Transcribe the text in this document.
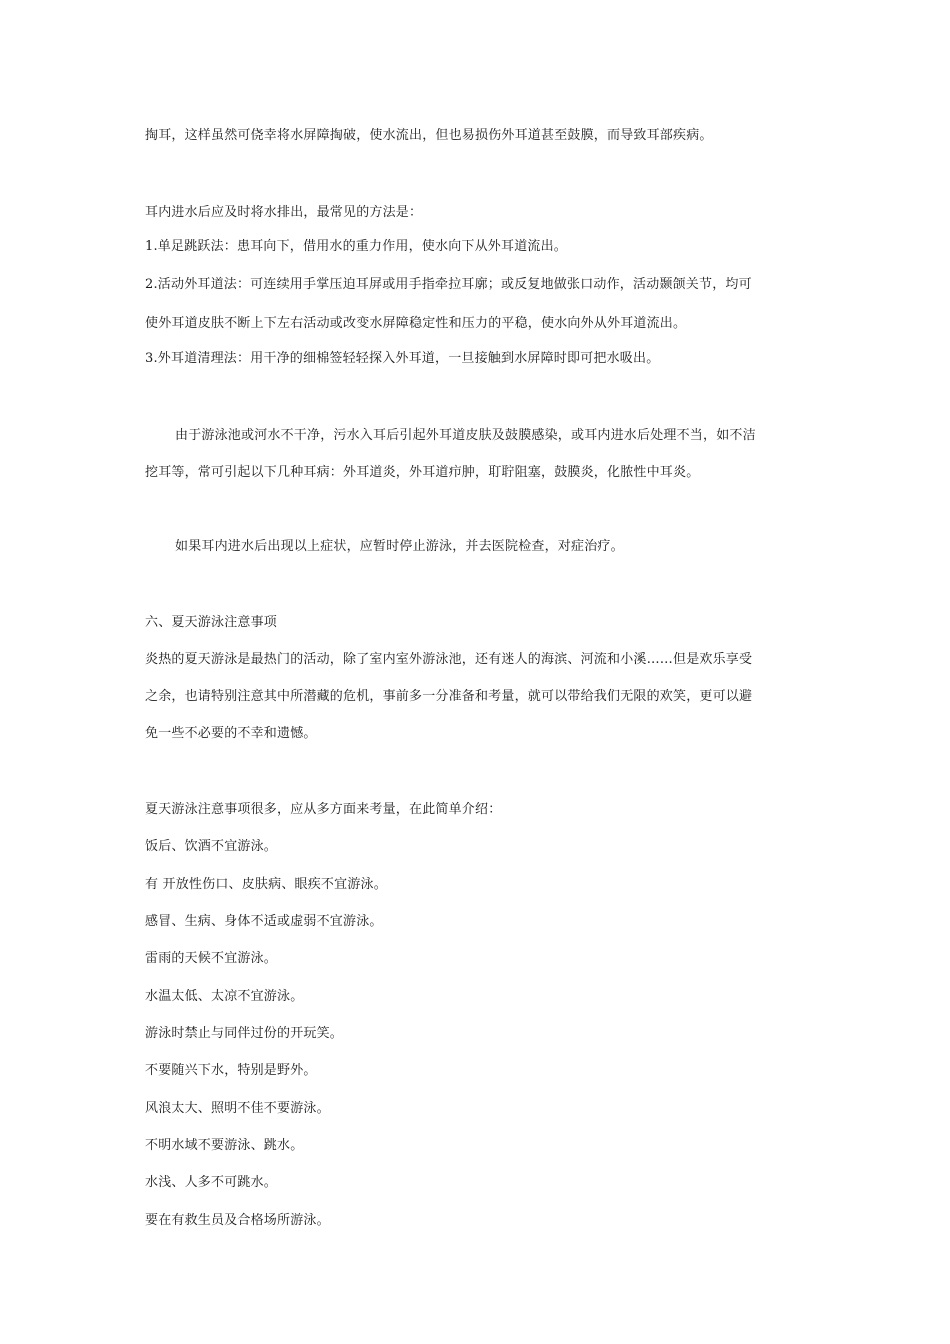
掏耳，这样虽然可侥幸将水屏障掏破，使水流出，但也易损伤外耳道甚至鼓膜，而导致耳部疾病。
耳内进水后应及时将水排出，最常见的方法是：
1.单足跳跃法：患耳向下，借用水的重力作用，使水向下从外耳道流出。
2.活动外耳道法：可连续用手掌压迫耳屏或用手指牵拉耳廓；或反复地做张口动作，活动颞颌关节，均可
使外耳道皮肤不断上下左右活动或改变水屏障稳定性和压力的平稳，使水向外从外耳道流出。
3.外耳道清理法：用干净的细棉签轻轻探入外耳道，一旦接触到水屏障时即可把水吸出。
由于游泳池或河水不干净，污水入耳后引起外耳道皮肤及鼓膜感染，或耳内进水后处理不当，如不洁
挖耳等，常可引起以下几种耳病：外耳道炎，外耳道疖肿，耵聍阻塞，鼓膜炎，化脓性中耳炎。
如果耳内进水后出现以上症状，应暂时停止游泳，并去医院检查，对症治疗。
六、夏天游泳注意事项
炎热的夏天游泳是最热门的活动，除了室内室外游泳池，还有迷人的海滨、河流和小溪……但是欢乐享受
之余，也请特别注意其中所潜藏的危机，事前多一分准备和考量，就可以带给我们无限的欢笑，更可以避
免一些不必要的不幸和遗憾。
夏天游泳注意事项很多，应从多方面来考量，在此简单介绍：
饭后、饮酒不宜游泳。
有 开放性伤口、皮肤病、眼疾不宜游泳。
感冒、生病、身体不适或虚弱不宜游泳。
雷雨的天候不宜游泳。
水温太低、太凉不宜游泳。
游泳时禁止与同伴过份的开玩笑。
不要随兴下水，特别是野外。
风浪太大、照明不佳不要游泳。
不明水域不要游泳、跳水。
水浅、人多不可跳水。
要在有救生员及合格场所游泳。
